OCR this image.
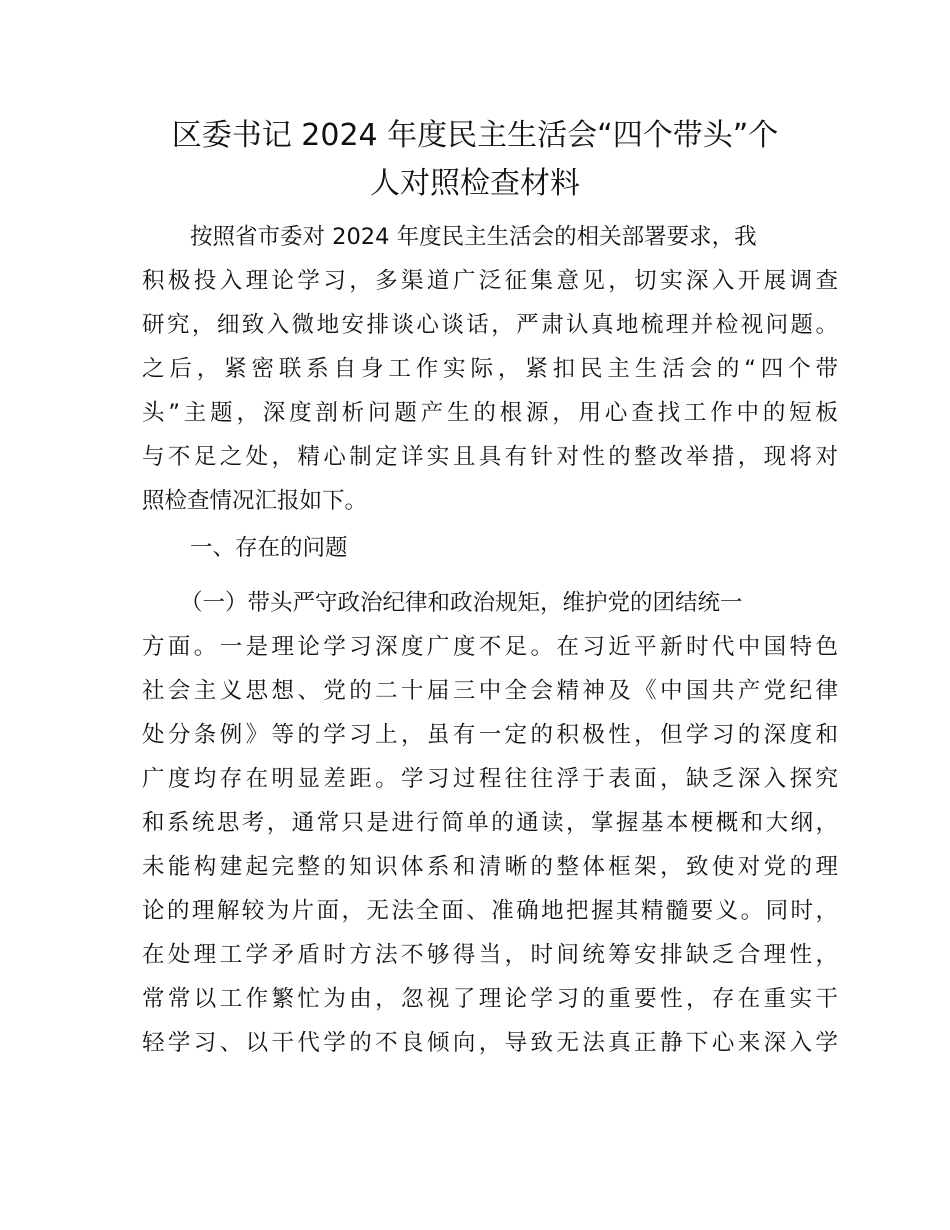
区委书记 2024 年度民主生活会“四个带头”个
人对照检查材料

按照省市委对 2024 年度民主生活会的相关部署要求，我

积极投入理论学习，多渠道广泛征集意见，切实深入开展调查

研究，细致入微地安排谈心谈话，严肃认真地梳理并检视问题。

之后，紧密联系自身工作实际，紧扣民主生活会的“四个带

头”主题，深度剖析问题产生的根源，用心查找工作中的短板

与不足之处，精心制定详实且具有针对性的整改举措，现将对

照检查情况汇报如下。

一、存在的问题

（一）带头严守政治纪律和政治规矩，维护党的团结统一

方面。一是理论学习深度广度不足。在习近平新时代中国特色

社会主义思想、党的二十届三中全会精神及《中国共产党纪律

处分条例》等的学习上，虽有一定的积极性，但学习的深度和

广度均存在明显差距。学习过程往往浮于表面，缺乏深入探究

和系统思考，通常只是进行简单的通读，掌握基本梗概和大纲，

未能构建起完整的知识体系和清晰的整体框架，致使对党的理

论的理解较为片面，无法全面、准确地把握其精髓要义。同时，

在处理工学矛盾时方法不够得当，时间统筹安排缺乏合理性，

常常以工作繁忙为由，忽视了理论学习的重要性，存在重实干

轻学习、以干代学的不良倾向，导致无法真正静下心来深入学
